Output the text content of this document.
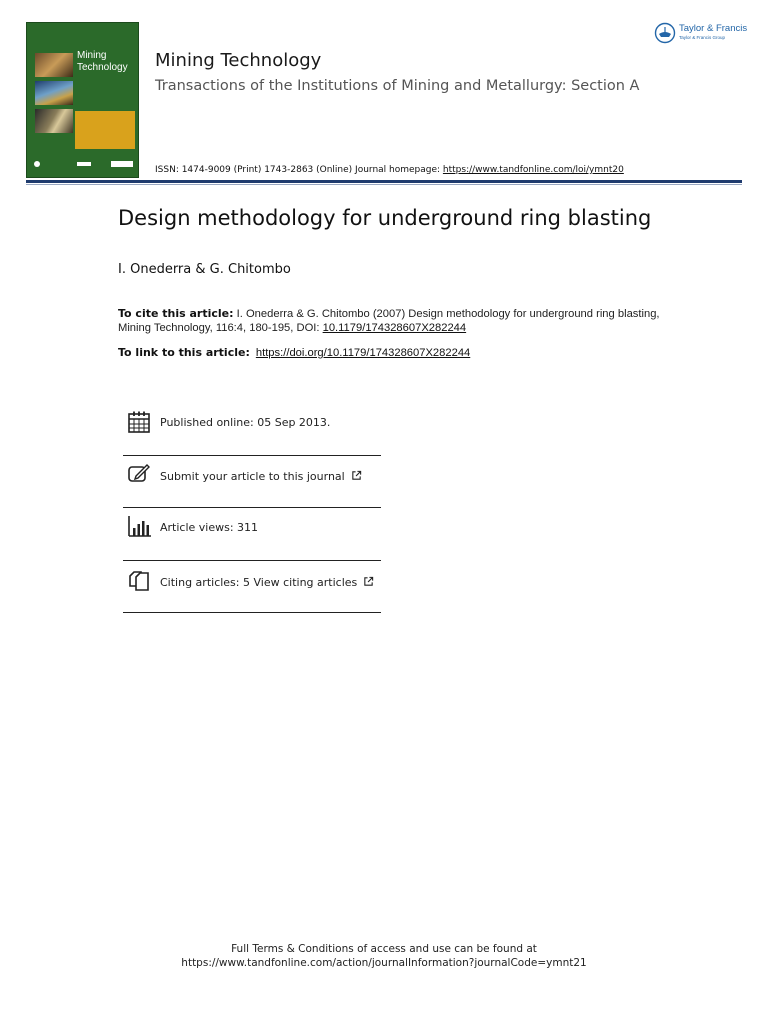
Mining Technology	Mining Technology
Transactions of the Institutions of Mining and Metallurgy: Section A
ISSN: 1474-9009 (Print) 1743-2863 (Online) Journal homepage: https://www.tandfonline.com/loi/ymnt20
Taylor & Francis
Taylor & Francis Group
Design methodology for underground ring blasting
I. Onederra & G. Chitombo
To cite this article: I. Onederra & G. Chitombo (2007) Design methodology for underground ring blasting, Mining Technology, 116:4, 180-195, DOI: 10.1179/174328607X282244
To link to this article: https://doi.org/10.1179/174328607X282244
Published online: 05 Sep 2013.
Submit your article to this journal
Article views: 311
Citing articles: 5 View citing articles
Full Terms & Conditions of access and use can be found at
https://www.tandfonline.com/action/journalInformation?journalCode=ymnt21
